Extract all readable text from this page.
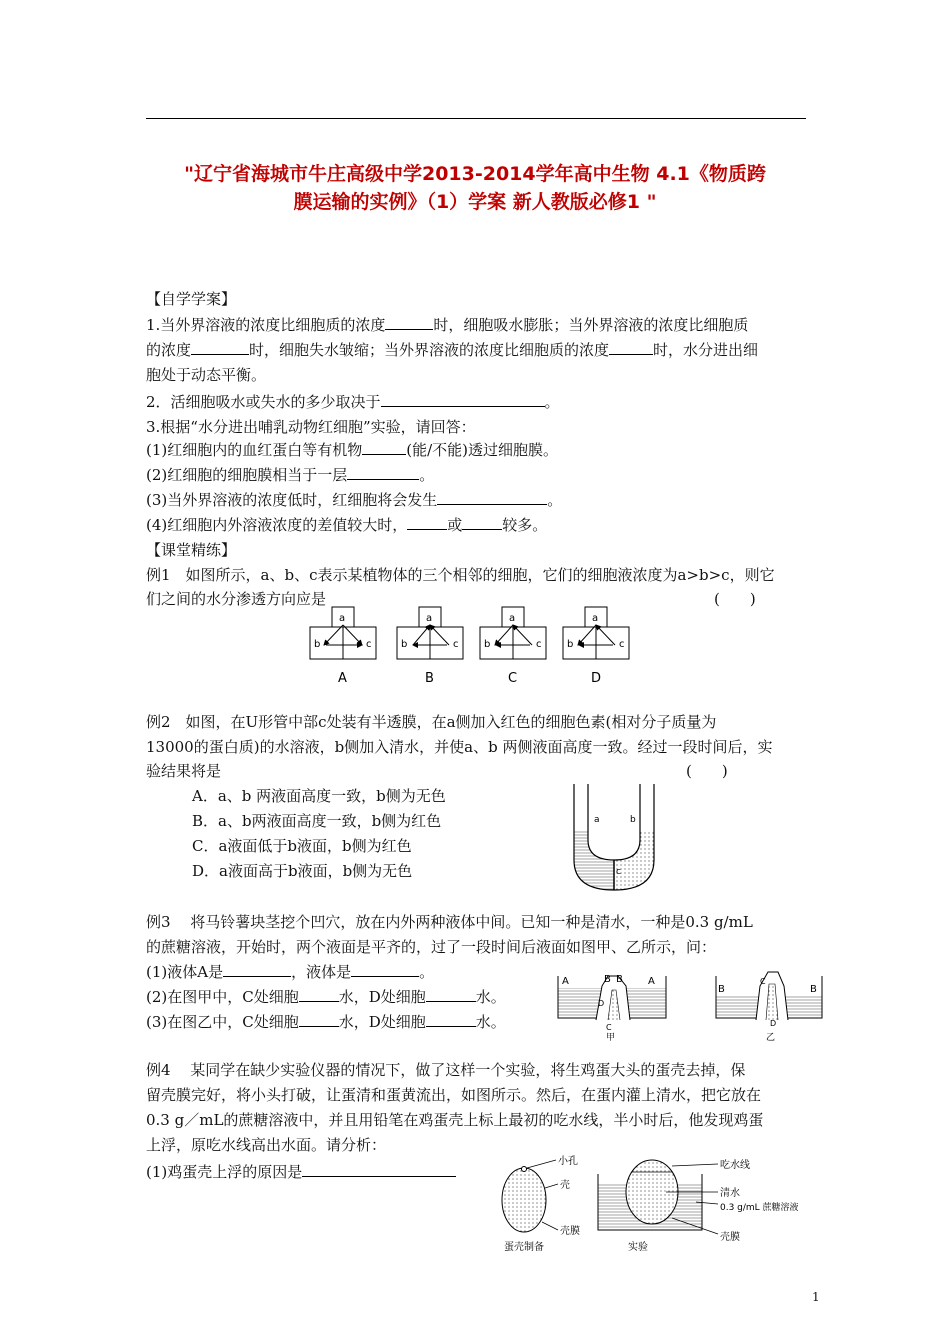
"辽宁省海城市牛庄高级中学2013-2014学年高中生物 4.1《物质跨
膜运输的实例》（1）学案 新人教版必修1 "
【自学学案】
1.当外界溶液的浓度比细胞质的浓度	时，细胞吸水膨胀；当外界溶液的浓度比细胞质
的浓度	时，细胞失水皱缩；当外界溶液的浓度比细胞质的浓度	时，水分进出细
胞处于动态平衡。
2．活细胞吸水或失水的多少取决于	。
3.根据“水分进出哺乳动物红细胞”实验，请回答：
(1)红细胞内的血红蛋白等有机物	(能/不能)透过细胞膜。
(2)红细胞的细胞膜相当于一层	。
(3)当外界溶液的浓度低时，红细胞将会发生	。
(4)红细胞内外溶液浓度的差值较大时，	或	较多。
【课堂精练】
例1　如图所示，a、b、c表示某植物体的三个相邻的细胞，它们的细胞液浓度为a>b>c，则它
们之间的水分渗透方向应是	(　　)
a
b	c
A
a
b	c
B
a
b	c
C
a
b	c
D
例2　如图，在U形管中部c处装有半透膜，在a侧加入红色的细胞色素(相对分子质量为
13000的蛋白质)的水溶液，b侧加入清水，并使a、b 两侧液面高度一致。经过一段时间后，实
验结果将是	(　　)
A．a、b 两液面高度一致，b侧为无色
B．a、b两液面高度一致，b侧为红色
C．a液面低于b液面，b侧为红色
D．a液面高于b液面，b侧为无色
a	b
c
例3　 将马铃薯块茎挖个凹穴，放在内外两种液体中间。已知一种是清水，一种是0.3 g/mL
的蔗糖溶液，开始时，两个液面是平齐的，过了一段时间后液面如图甲、乙所示，问：
(1)液体A是	，液体是	。
(2)在图甲中，C处细胞	水，D处细胞	水。
(3)在图乙中，C处细胞	水，D处细胞	水。
A	B B	A
D
C
甲
B	B
C
D
乙
例4　 某同学在缺少实验仪器的情况下，做了这样一个实验，将生鸡蛋大头的蛋壳去掉，保
留壳膜完好，将小头打破，让蛋清和蛋黄流出，如图所示。然后，在蛋内灌上清水，把它放在
0.3 g／mL的蔗糖溶液中，并且用铅笔在鸡蛋壳上标上最初的吃水线，半小时后，他发现鸡蛋
上浮，原吃水线高出水面。请分析：
(1)鸡蛋壳上浮的原因是
小孔
壳
壳膜
蛋壳制备
吃水线
清水
0.3 g/mL 蔗糖溶液
壳膜
实验
1
